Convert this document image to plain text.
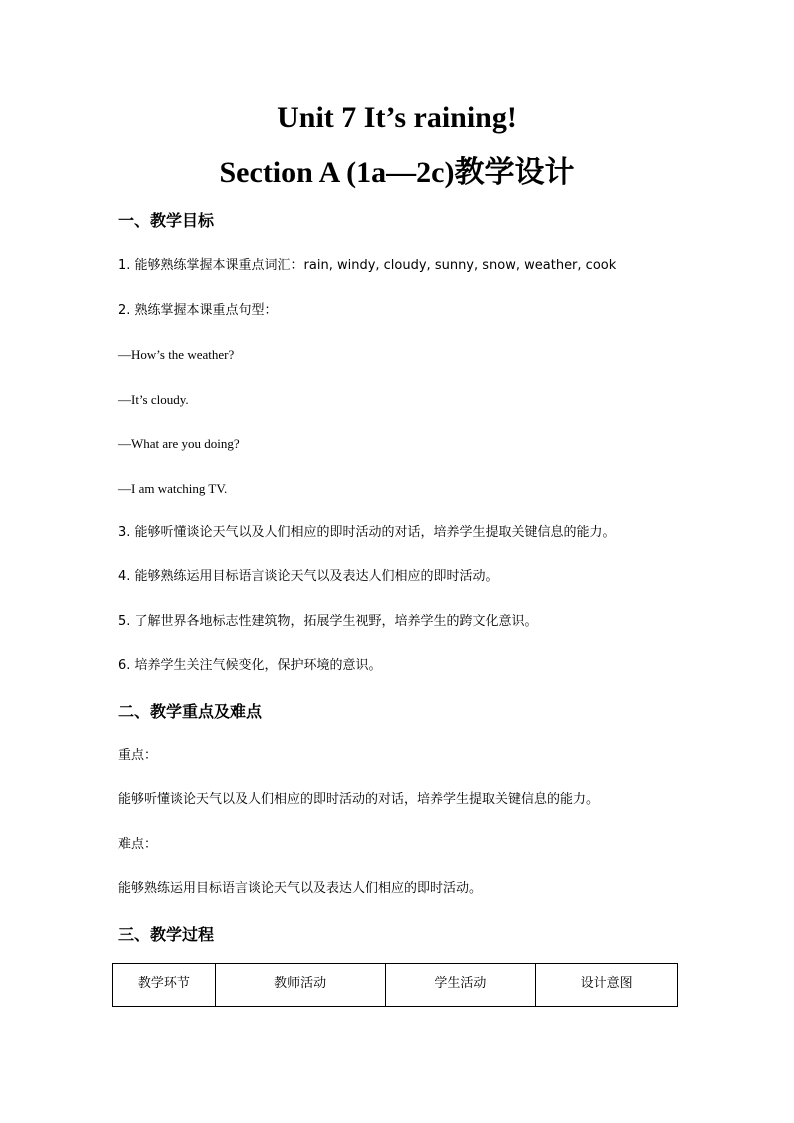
Unit 7 It’s raining!
Section A (1a—2c)教学设计
一、教学目标

1. 能够熟练掌握本课重点词汇：rain, windy, cloudy, sunny, snow, weather, cook

2. 熟练掌握本课重点句型：

—How’s the weather?

—It’s cloudy.

—What are you doing?

—I am watching TV.

3. 能够听懂谈论天气以及人们相应的即时活动的对话，培养学生提取关键信息的能力。

4. 能够熟练运用目标语言谈论天气以及表达人们相应的即时活动。

5. 了解世界各地标志性建筑物，拓展学生视野，培养学生的跨文化意识。

6. 培养学生关注气候变化，保护环境的意识。

二、教学重点及难点

重点：

能够听懂谈论天气以及人们相应的即时活动的对话，培养学生提取关键信息的能力。

难点：

能够熟练运用目标语言谈论天气以及表达人们相应的即时活动。

三、教学过程
教学环节	教师活动	学生活动	设计意图
